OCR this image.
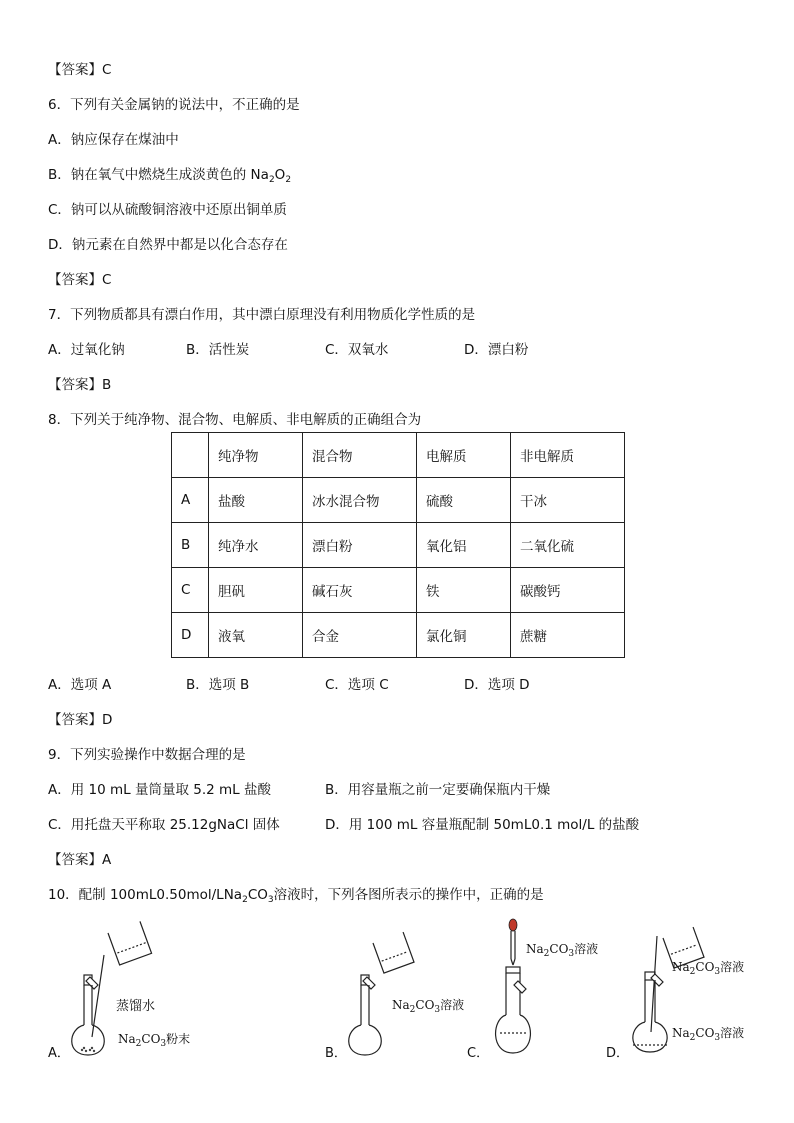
【答案】C
6．下列有关金属钠的说法中，不正确的是
A．钠应保存在煤油中
B．钠在氧气中燃烧生成淡黄色的 $Na_2O_2$
C．钠可以从硫酸铜溶液中还原出铜单质
D．钠元素在自然界中都是以化合态存在
【答案】C
7．下列物质都具有漂白作用，其中漂白原理没有利用物质化学性质的是
A．过氧化钠	B．活性炭	C．双氧水	D．漂白粉
【答案】B
8．下列关于纯净物、混合物、电解质、非电解质的正确组合为
	纯净物	混合物	电解质	非电解质
A	盐酸	冰水混合物	硫酸	干冰
B	纯净水	漂白粉	氧化铝	二氧化硫
C	胆矾	碱石灰	铁	碳酸钙
D	液氧	合金	氯化铜	蔗糖
A．选项 A	B．选项 B	C．选项 C	D．选项 D
【答案】D
9．下列实验操作中数据合理的是
A．用 10 mL 量筒量取 5.2 mL 盐酸	B．用容量瓶之前一定要确保瓶内干燥
C．用托盘天平称取 25.12gNaCl 固体	D．用 100 mL 容量瓶配制 50mL0.1 mol/L 的盐酸
【答案】A
10．配制 $100mL0.50mol/LNa_2CO_3$溶液时，下列各图所表示的操作中，正确的是
A．
蒸馏水
$Na_2CO_3$粉末
B．
$Na_2CO_3$溶液
C．
$Na_2CO_3$溶液
D．
$Na_2CO_3$溶液
$Na_2CO_3$溶液
